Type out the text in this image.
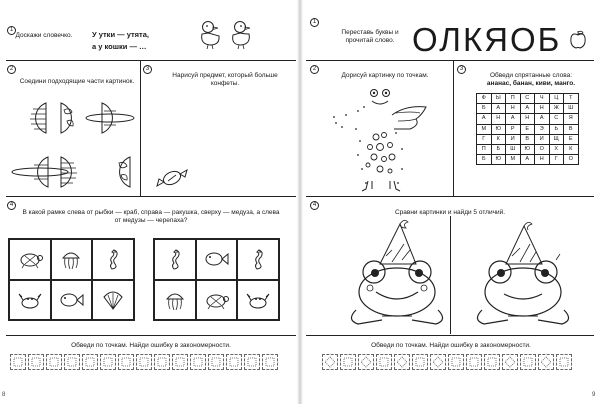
1
Доскажи словечко.	У утки — утята,
а у кошки — …
2
Соедини подходящие части картинок.
3
Нарисуй предмет, который больше конфеты.
4
В какой рамке слева от рыбки — краб, справа — ракушка, сверху — медуза, а слева от медузы — черепаха?
Обведи по точкам. Найди ошибку в закономерности.
8
1
Переставь буквы и прочитай слово. ОЛКЯОБ
2
Дорисуй картинку по точкам.
3
Обведи спрятанные слова:
ананас, банан, киви, манго.
Ф	Ы	П	С	Ч	Ц	Т
Б	А	Н	А	Н	Ж	Ш
А	Н	А	Н	А	С	Я
М	Ю	Р	Е	Э	Ь	В
Г	К	И	В	И	Щ	Е
П	Б	Ш	Ю	О	Х	К
Б	Ю	М	А	Н	Г	О
4
Сравни картинки и найди 5 отличий.
Обведи по точкам. Найди ошибку в закономерности.
9
